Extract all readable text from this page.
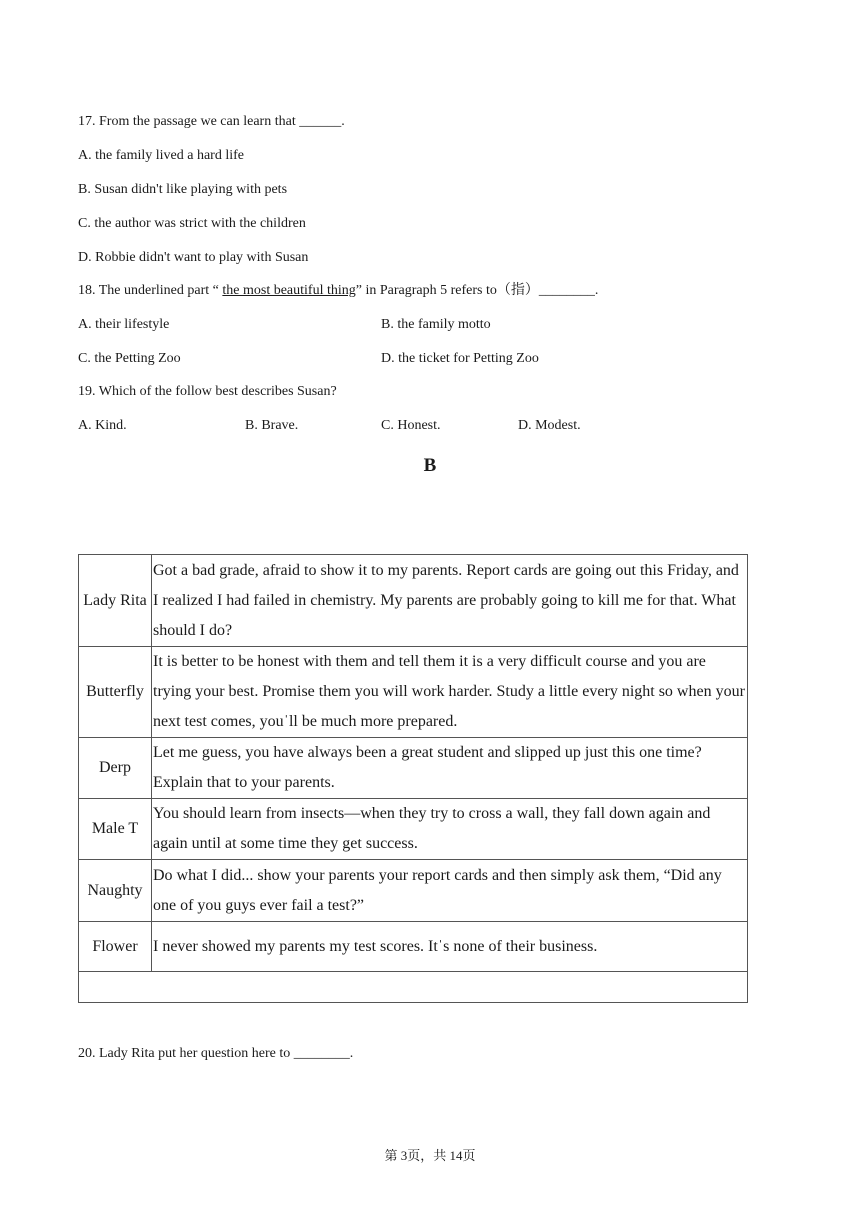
17. From the passage we can learn that ______.
A. the family lived a hard life
B. Susan didn't like playing with pets
C. the author was strict with the children
D. Robbie didn't want to play with Susan
18. The underlined part “ the most beautiful thing” in Paragraph 5 refers to（指）________.
A. their lifestyle	B. the family motto
C. the Petting Zoo	D. the ticket for Petting Zoo
19. Which of the follow best describes Susan?
A. Kind.	B. Brave.	C. Honest.	D. Modest.
B
Lady Rita	Got a bad grade, afraid to show it to my parents. Report cards are going out this Friday, and I realized I had failed in chemistry. My parents are probably going to kill me for that. What should I do?
Butterfly	It is better to be honest with them and tell them it is a very difficult course and you are trying your best. Promise them you will work harder. Study a little every night so when your next test comes, youˈll be much more prepared.
Derp	Let me guess, you have always been a great student and slipped up just this one time? Explain that to your parents.
Male T	You should learn from insects—when they try to cross a wall, they fall down again and again until at some time they get success.
Naughty	Do what I did... show your parents your report cards and then simply ask them, “Did any one of you guys ever fail a test?”
Flower	I never showed my parents my test scores. Itˈs none of their business.

20. Lady Rita put her question here to ________.
第 3页，共 14页
